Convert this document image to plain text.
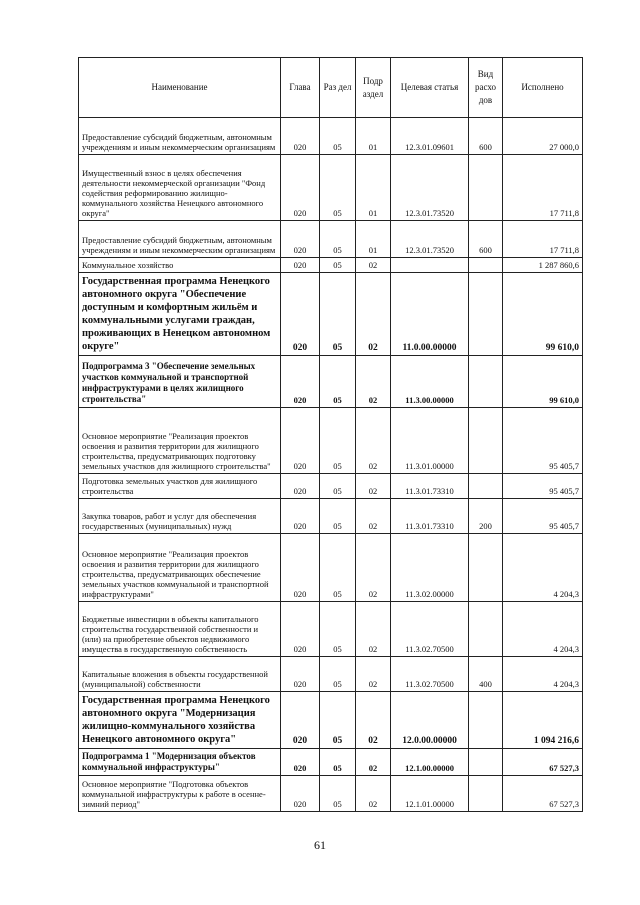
Наименование	Глава	Раз дел	Подр аздел	Целевая статья	Вид расхо дов	Исполнено
Предоставление субсидий бюджетным, автономным учреждениям и иным некоммерческим организациям	020	05	01	12.3.01.09601	600	27 000,0
Имущественный взнос в целях обеспечения деятельности некоммерческой организации "Фонд содействия реформированию жилищно-коммунального хозяйства Ненецкого автономного округа"	020	05	01	12.3.01.73520		17 711,8
Предоставление субсидий бюджетным, автономным учреждениям и иным некоммерческим организациям	020	05	01	12.3.01.73520	600	17 711,8
Коммунальное хозяйство	020	05	02			1 287 860,6
Государственная программа Ненецкого автономного округа "Обеспечение доступным и комфортным жильём и коммунальными услугами граждан, проживающих в Ненецком автономном округе"	020	05	02	11.0.00.00000		99 610,0
Подпрограмма 3 "Обеспечение земельных участков коммунальной и транспортной инфраструктурами в целях жилищного строительства"	020	05	02	11.3.00.00000		99 610,0
Основное мероприятие "Реализация проектов освоения и развития территории для жилищного строительства, предусматривающих подготовку земельных участков для жилищного строительства"	020	05	02	11.3.01.00000		95 405,7
Подготовка земельных участков для жилищного строительства	020	05	02	11.3.01.73310		95 405,7
Закупка товаров, работ и услуг для обеспечения государственных (муниципальных) нужд	020	05	02	11.3.01.73310	200	95 405,7
Основное мероприятие "Реализация проектов освоения и развития территории для жилищного строительства, предусматривающих обеспечение земельных участков коммунальной и транспортной инфраструктурами"	020	05	02	11.3.02.00000		4 204,3
Бюджетные инвестиции в объекты капитального строительства государственной собственности и (или) на приобретение объектов недвижимого имущества в государственную собственность	020	05	02	11.3.02.70500		4 204,3
Капитальные вложения в объекты государственной (муниципальной) собственности	020	05	02	11.3.02.70500	400	4 204,3
Государственная программа Ненецкого автономного округа "Модернизация жилищно-коммунального хозяйства Ненецкого автономного округа"	020	05	02	12.0.00.00000		1 094 216,6
Подпрограмма 1 "Модернизация объектов коммунальной инфраструктуры"	020	05	02	12.1.00.00000		67 527,3
Основное мероприятие "Подготовка объектов коммунальной инфраструктуры к работе в осенне-зимний период"	020	05	02	12.1.01.00000		67 527,3
61
